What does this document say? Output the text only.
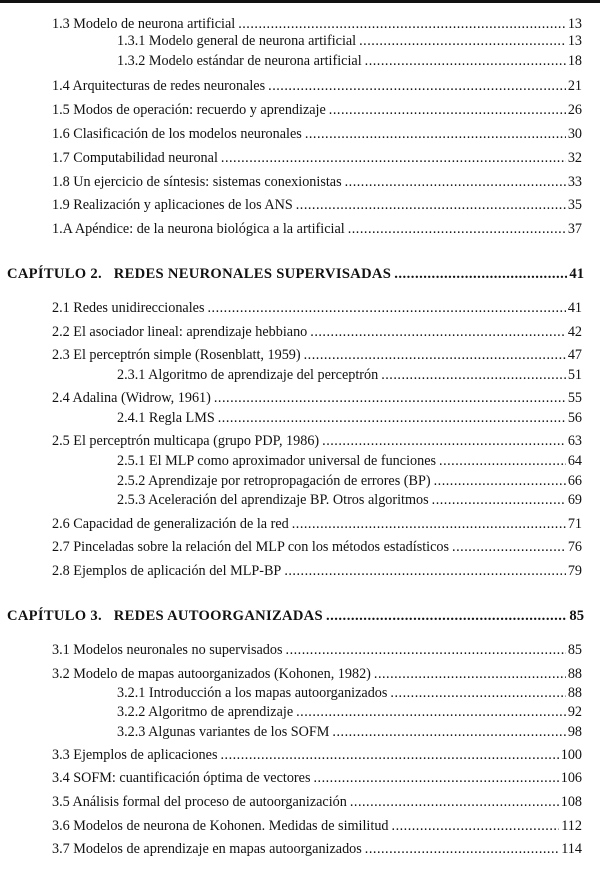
1.3 Modelo de neurona artificial .....	13
1.3.1 Modelo general de neurona artificial .....	13
1.3.2 Modelo estándar de neurona artificial .....	18
1.4 Arquitecturas de redes neuronales .....	21
1.5 Modos de operación: recuerdo y aprendizaje .....	26
1.6 Clasificación de los modelos neuronales .....	30
1.7 Computabilidad neuronal .....	32
1.8 Un ejercicio de síntesis: sistemas conexionistas .....	33
1.9 Realización y aplicaciones de los ANS .....	35
1.A Apéndice: de la neurona biológica a la artificial .....	37
CAPÍTULO 2.   REDES NEURONALES SUPERVISADAS .....	41
2.1 Redes unidireccionales .....	41
2.2 El asociador lineal: aprendizaje hebbiano .....	42
2.3 El perceptrón simple (Rosenblatt, 1959) .....	47
2.3.1 Algoritmo de aprendizaje del perceptrón .....	51
2.4 Adalina (Widrow, 1961) .....	55
2.4.1 Regla LMS .....	56
2.5 El perceptrón multicapa (grupo PDP, 1986) .....	63
2.5.1 El MLP como aproximador universal de funciones .....	64
2.5.2 Aprendizaje por retropropagación de errores (BP) .....	66
2.5.3 Aceleración del aprendizaje BP. Otros algoritmos .....	69
2.6 Capacidad de generalización de la red .....	71
2.7 Pinceladas sobre la relación del MLP con los métodos estadísticos .....	76
2.8 Ejemplos de aplicación del MLP-BP .....	79
CAPÍTULO 3.   REDES AUTOORGANIZADAS .....	85
3.1 Modelos neuronales no supervisados .....	85
3.2 Modelo de mapas autoorganizados (Kohonen, 1982) .....	88
3.2.1 Introducción a los mapas autoorganizados .....	88
3.2.2 Algoritmo de aprendizaje .....	92
3.2.3 Algunas variantes de los SOFM .....	98
3.3 Ejemplos de aplicaciones .....	100
3.4 SOFM: cuantificación óptima de vectores .....	106
3.5 Análisis formal del proceso de autoorganización .....	108
3.6 Modelos de neurona de Kohonen. Medidas de similitud .....	112
3.7 Modelos de aprendizaje en mapas autoorganizados .....	114
